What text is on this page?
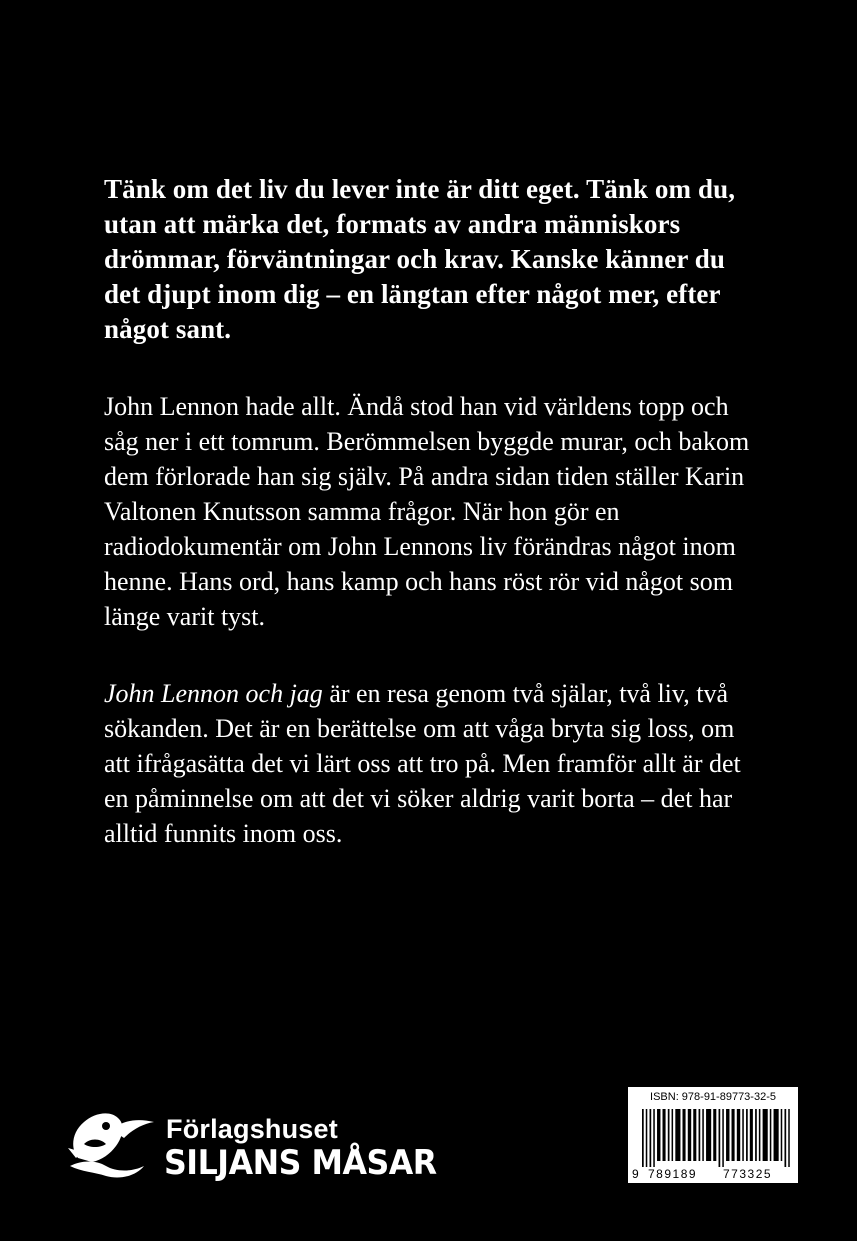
Tänk om det liv du lever inte är ditt eget. Tänk om du, utan att märka det, formats av andra människors drömmar, förväntningar och krav. Kanske känner du det djupt inom dig – en längtan efter något mer, efter något sant.

John Lennon hade allt. Ändå stod han vid världens topp och såg ner i ett tomrum. Berömmelsen byggde murar, och bakom dem förlorade han sig själv. På andra sidan tiden ställer Karin Valtonen Knutsson samma frågor. När hon gör en radiodokumentär om John Lennons liv förändras något inom henne. Hans ord, hans kamp och hans röst rör vid något som länge varit tyst.

John Lennon och jag är en resa genom två själar, två liv, två sökanden. Det är en berättelse om att våga bryta sig loss, om att ifrågasätta det vi lärt oss att tro på. Men framför allt är det en påminnelse om att det vi söker aldrig varit borta – det har alltid funnits inom oss.

Förlagshuset
SILJANS MÅSAR
ISBN: 978-91-89773-32-5
9 789189 773325
